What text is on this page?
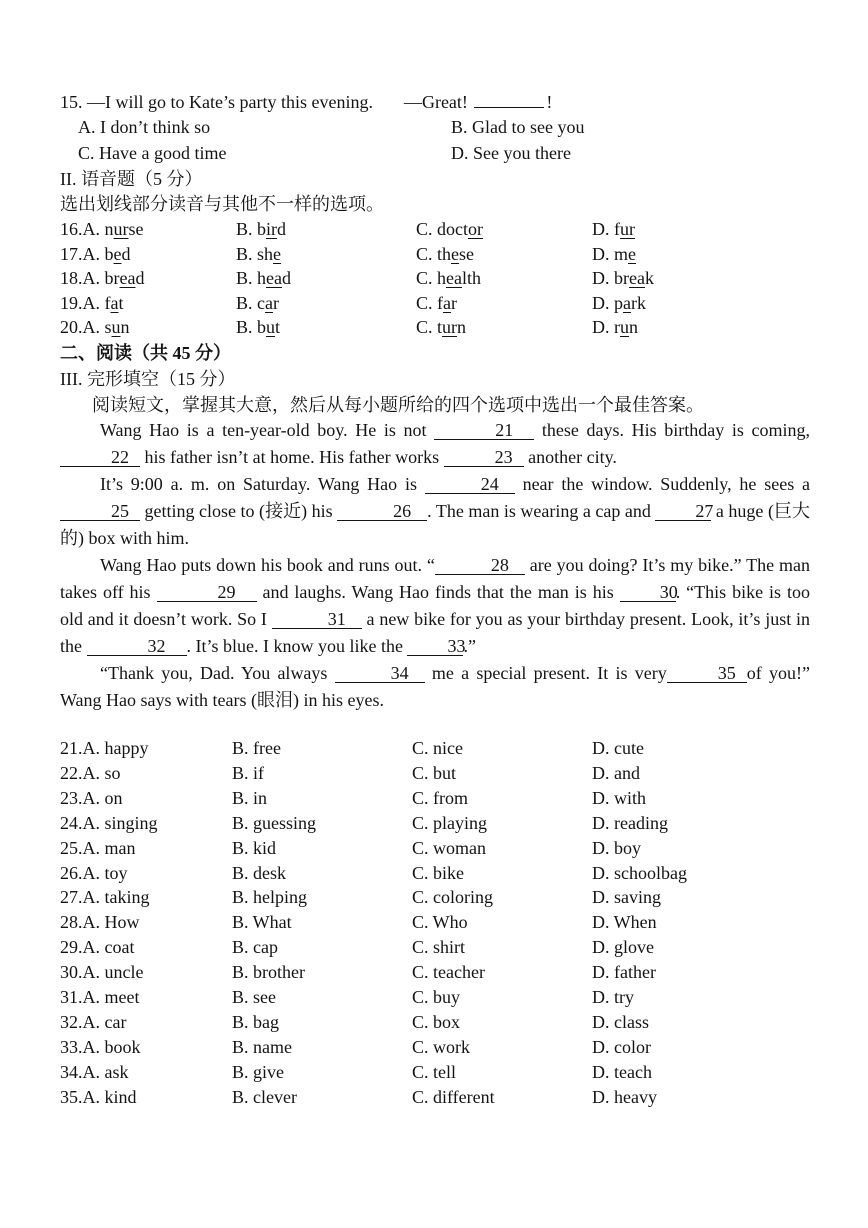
15. —I will go to Kate’s party this evening. —Great!	!
A. I don’t think so	B. Glad to see you
C. Have a good time	D. See you there
II. 语音题（5 分）
选出划线部分读音与其他不一样的选项。
16.A. nurse	B. bird	C. doctor	D. fur
17.A. bed	B. she	C. these	D. me
18.A. bread	B. head	C. health	D. break
19.A. fat	B. car	C. far	D. park
20.A. sun	B. but	C. turn	D. run
二、阅读（共 45 分）
III. 完形填空（15 分）
阅读短文，掌握其大意，然后从每小题所给的四个选项中选出一个最佳答案。

Wang Hao is a ten-year-old boy. He is not	21 these days. His birthday is coming, 22 his father isn’t at home. His father works	23 another city.

It’s 9:00 a. m. on Saturday. Wang Hao is	24 near the window. Suddenly, he sees a 25 getting close to (接近) his	26 . The man is wearing a cap and 27 a huge (巨大的) box with him.

Wang Hao puts down his book and runs out. “	28 are you doing? It’s my bike.” The man takes off his	29 and laughs. Wang Hao finds that the man is his 30. “This bike is too old and it doesn’t work. So I	31 a new bike for you as your birthday present. Look, it’s just in the	32 . It’s blue. I know you like the 33.”

“Thank you, Dad. You always	34 me a special present. It is very	35 of you!” Wang Hao says with tears (眼泪) in his eyes.

21.A. happy	B. free	C. nice	D. cute
22.A. so	B. if	C. but	D. and
23.A. on	B. in	C. from	D. with
24.A. singing	B. guessing	C. playing	D. reading
25.A. man	B. kid	C. woman	D. boy
26.A. toy	B. desk	C. bike	D. schoolbag
27.A. taking	B. helping	C. coloring	D. saving
28.A. How	B. What	C. Who	D. When
29.A. coat	B. cap	C. shirt	D. glove
30.A. uncle	B. brother	C. teacher	D. father
31.A. meet	B. see	C. buy	D. try
32.A. car	B. bag	C. box	D. class
33.A. book	B. name	C. work	D. color
34.A. ask	B. give	C. tell	D. teach
35.A. kind	B. clever	C. different	D. heavy
